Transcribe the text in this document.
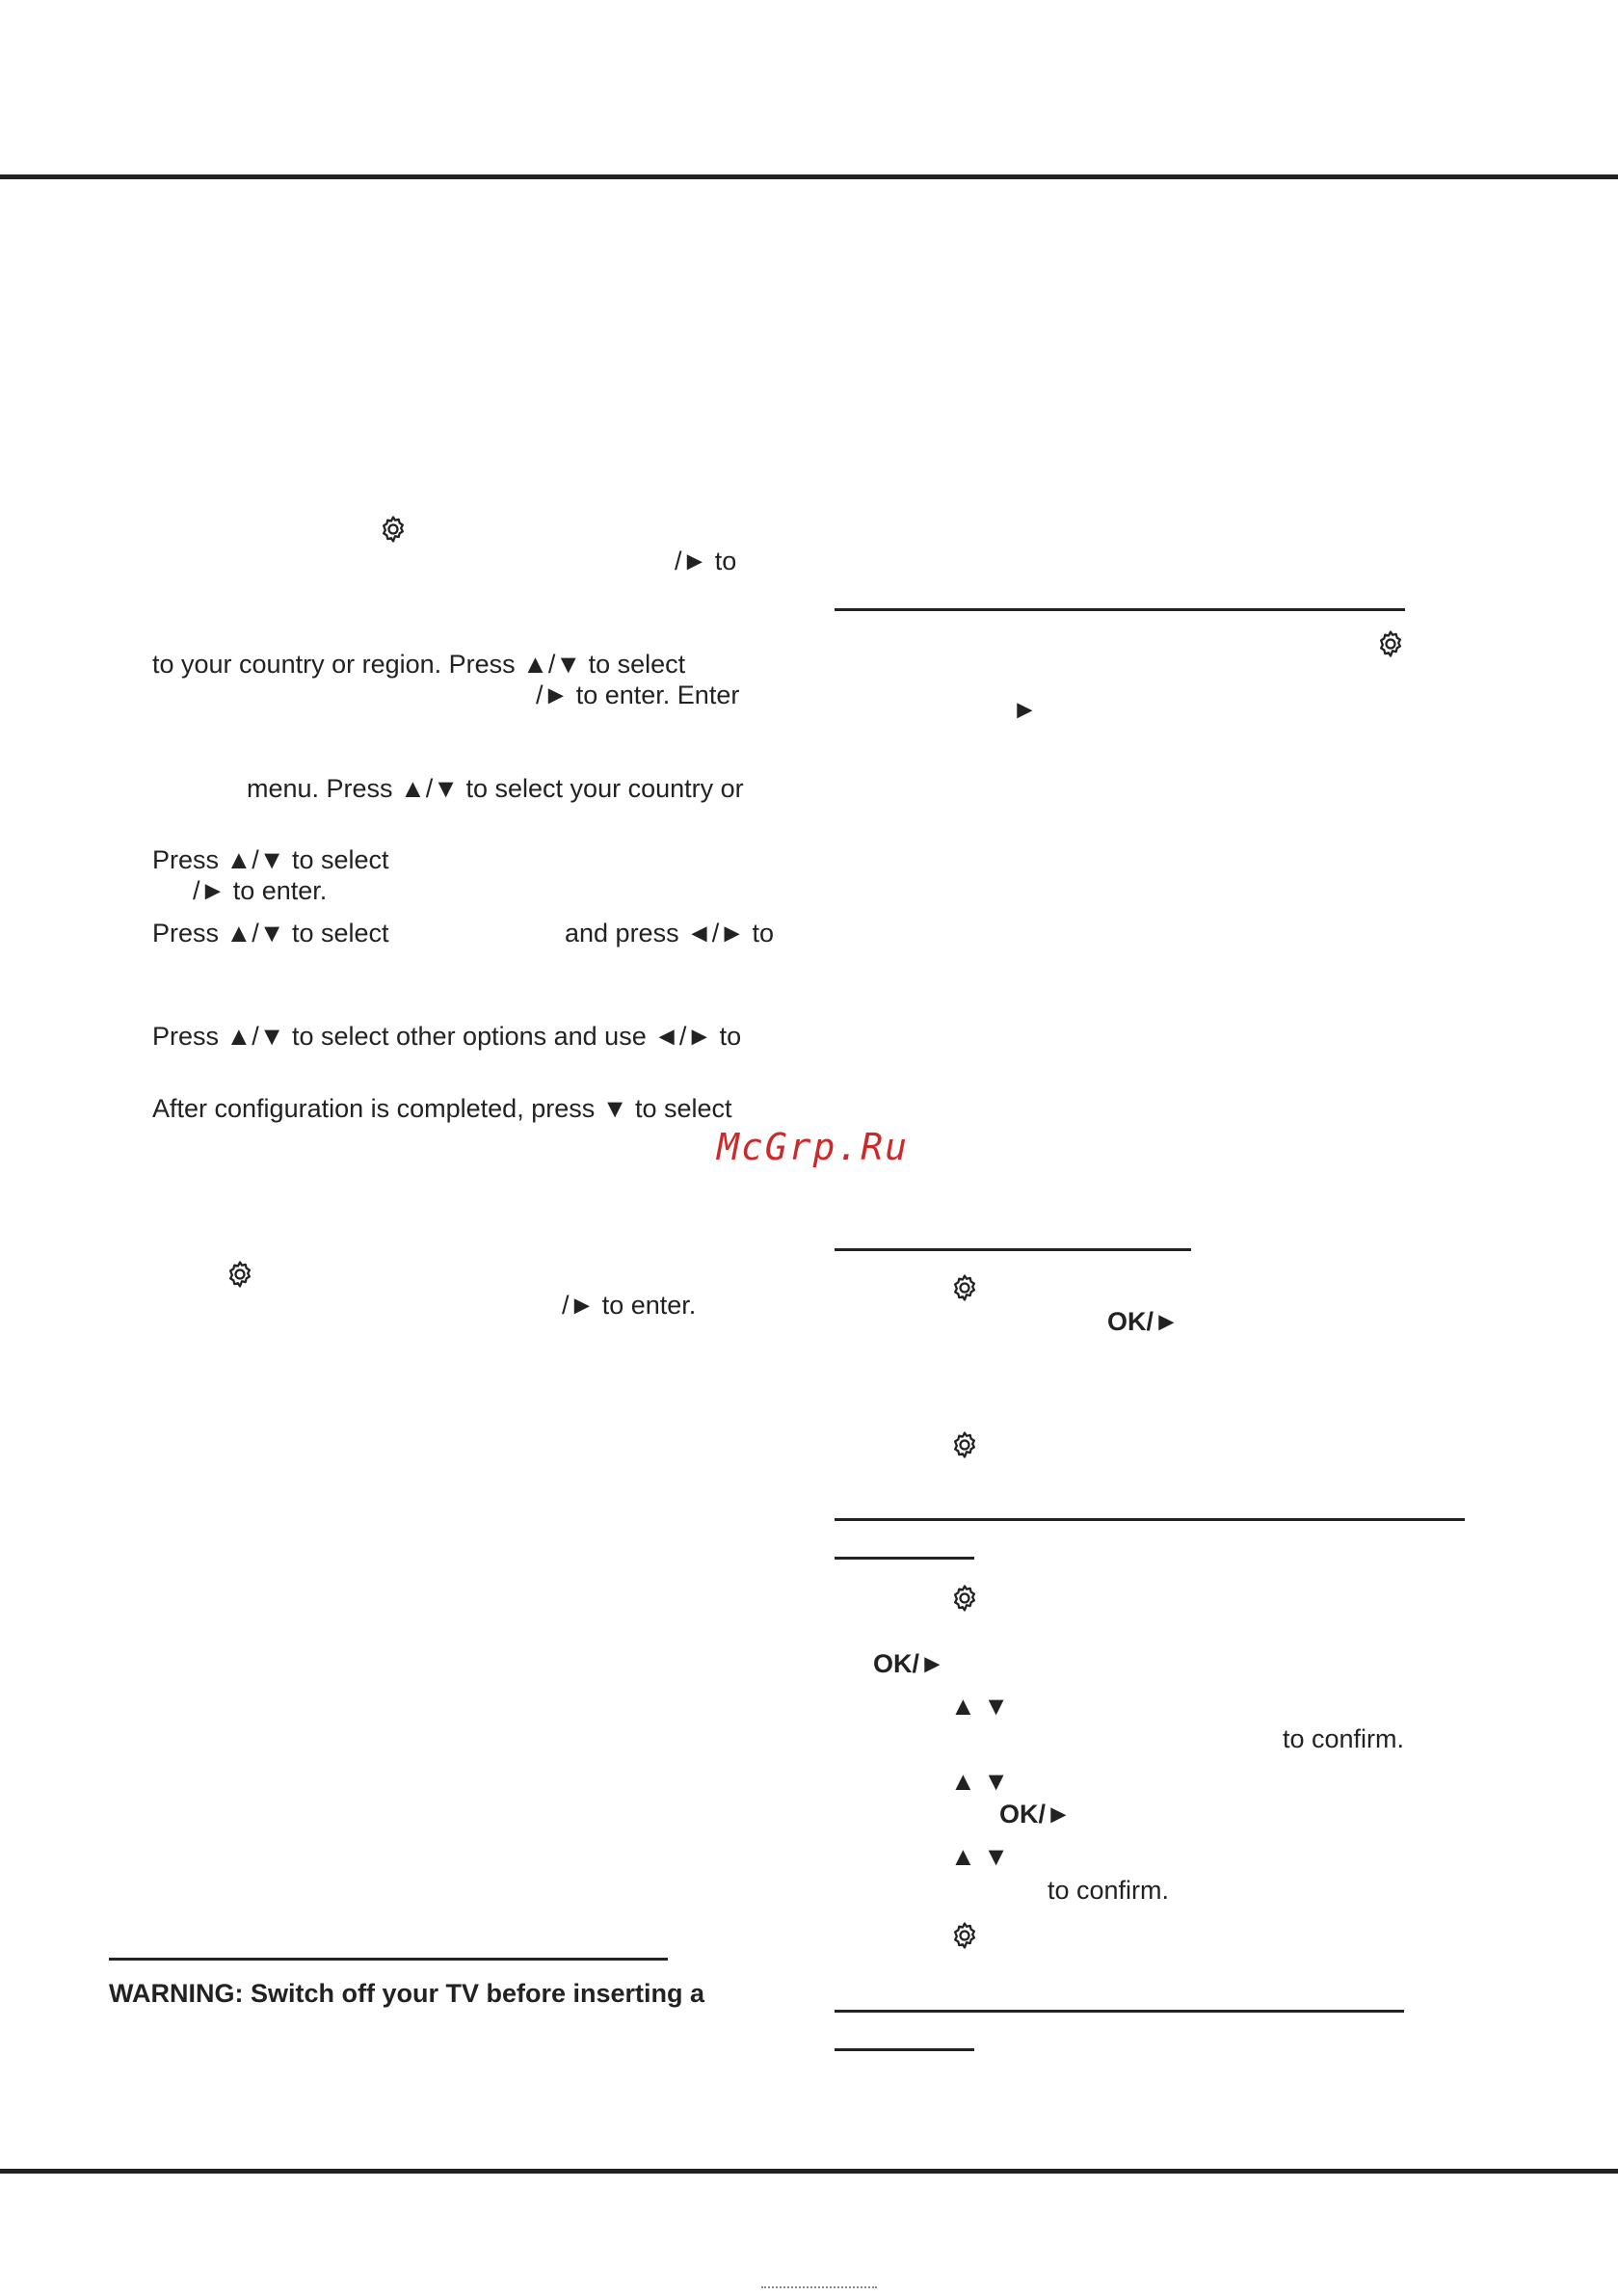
/► to
to your country or region. Press ▲/▼ to select
/► to enter. Enter
menu. Press ▲/▼ to select your country or
Press ▲/▼ to select
/► to enter.
Press ▲/▼ to select	and press ◄/► to
Press ▲/▼ to select other options and use ◄/► to
After configuration is completed, press ▼ to select
/► to enter.
WARNING: Switch off your TV before inserting a
►
OK/►
OK/►
▲ ▼
to confirm.
▲ ▼
OK/►
▲ ▼
to confirm.
McGrp.Ru
